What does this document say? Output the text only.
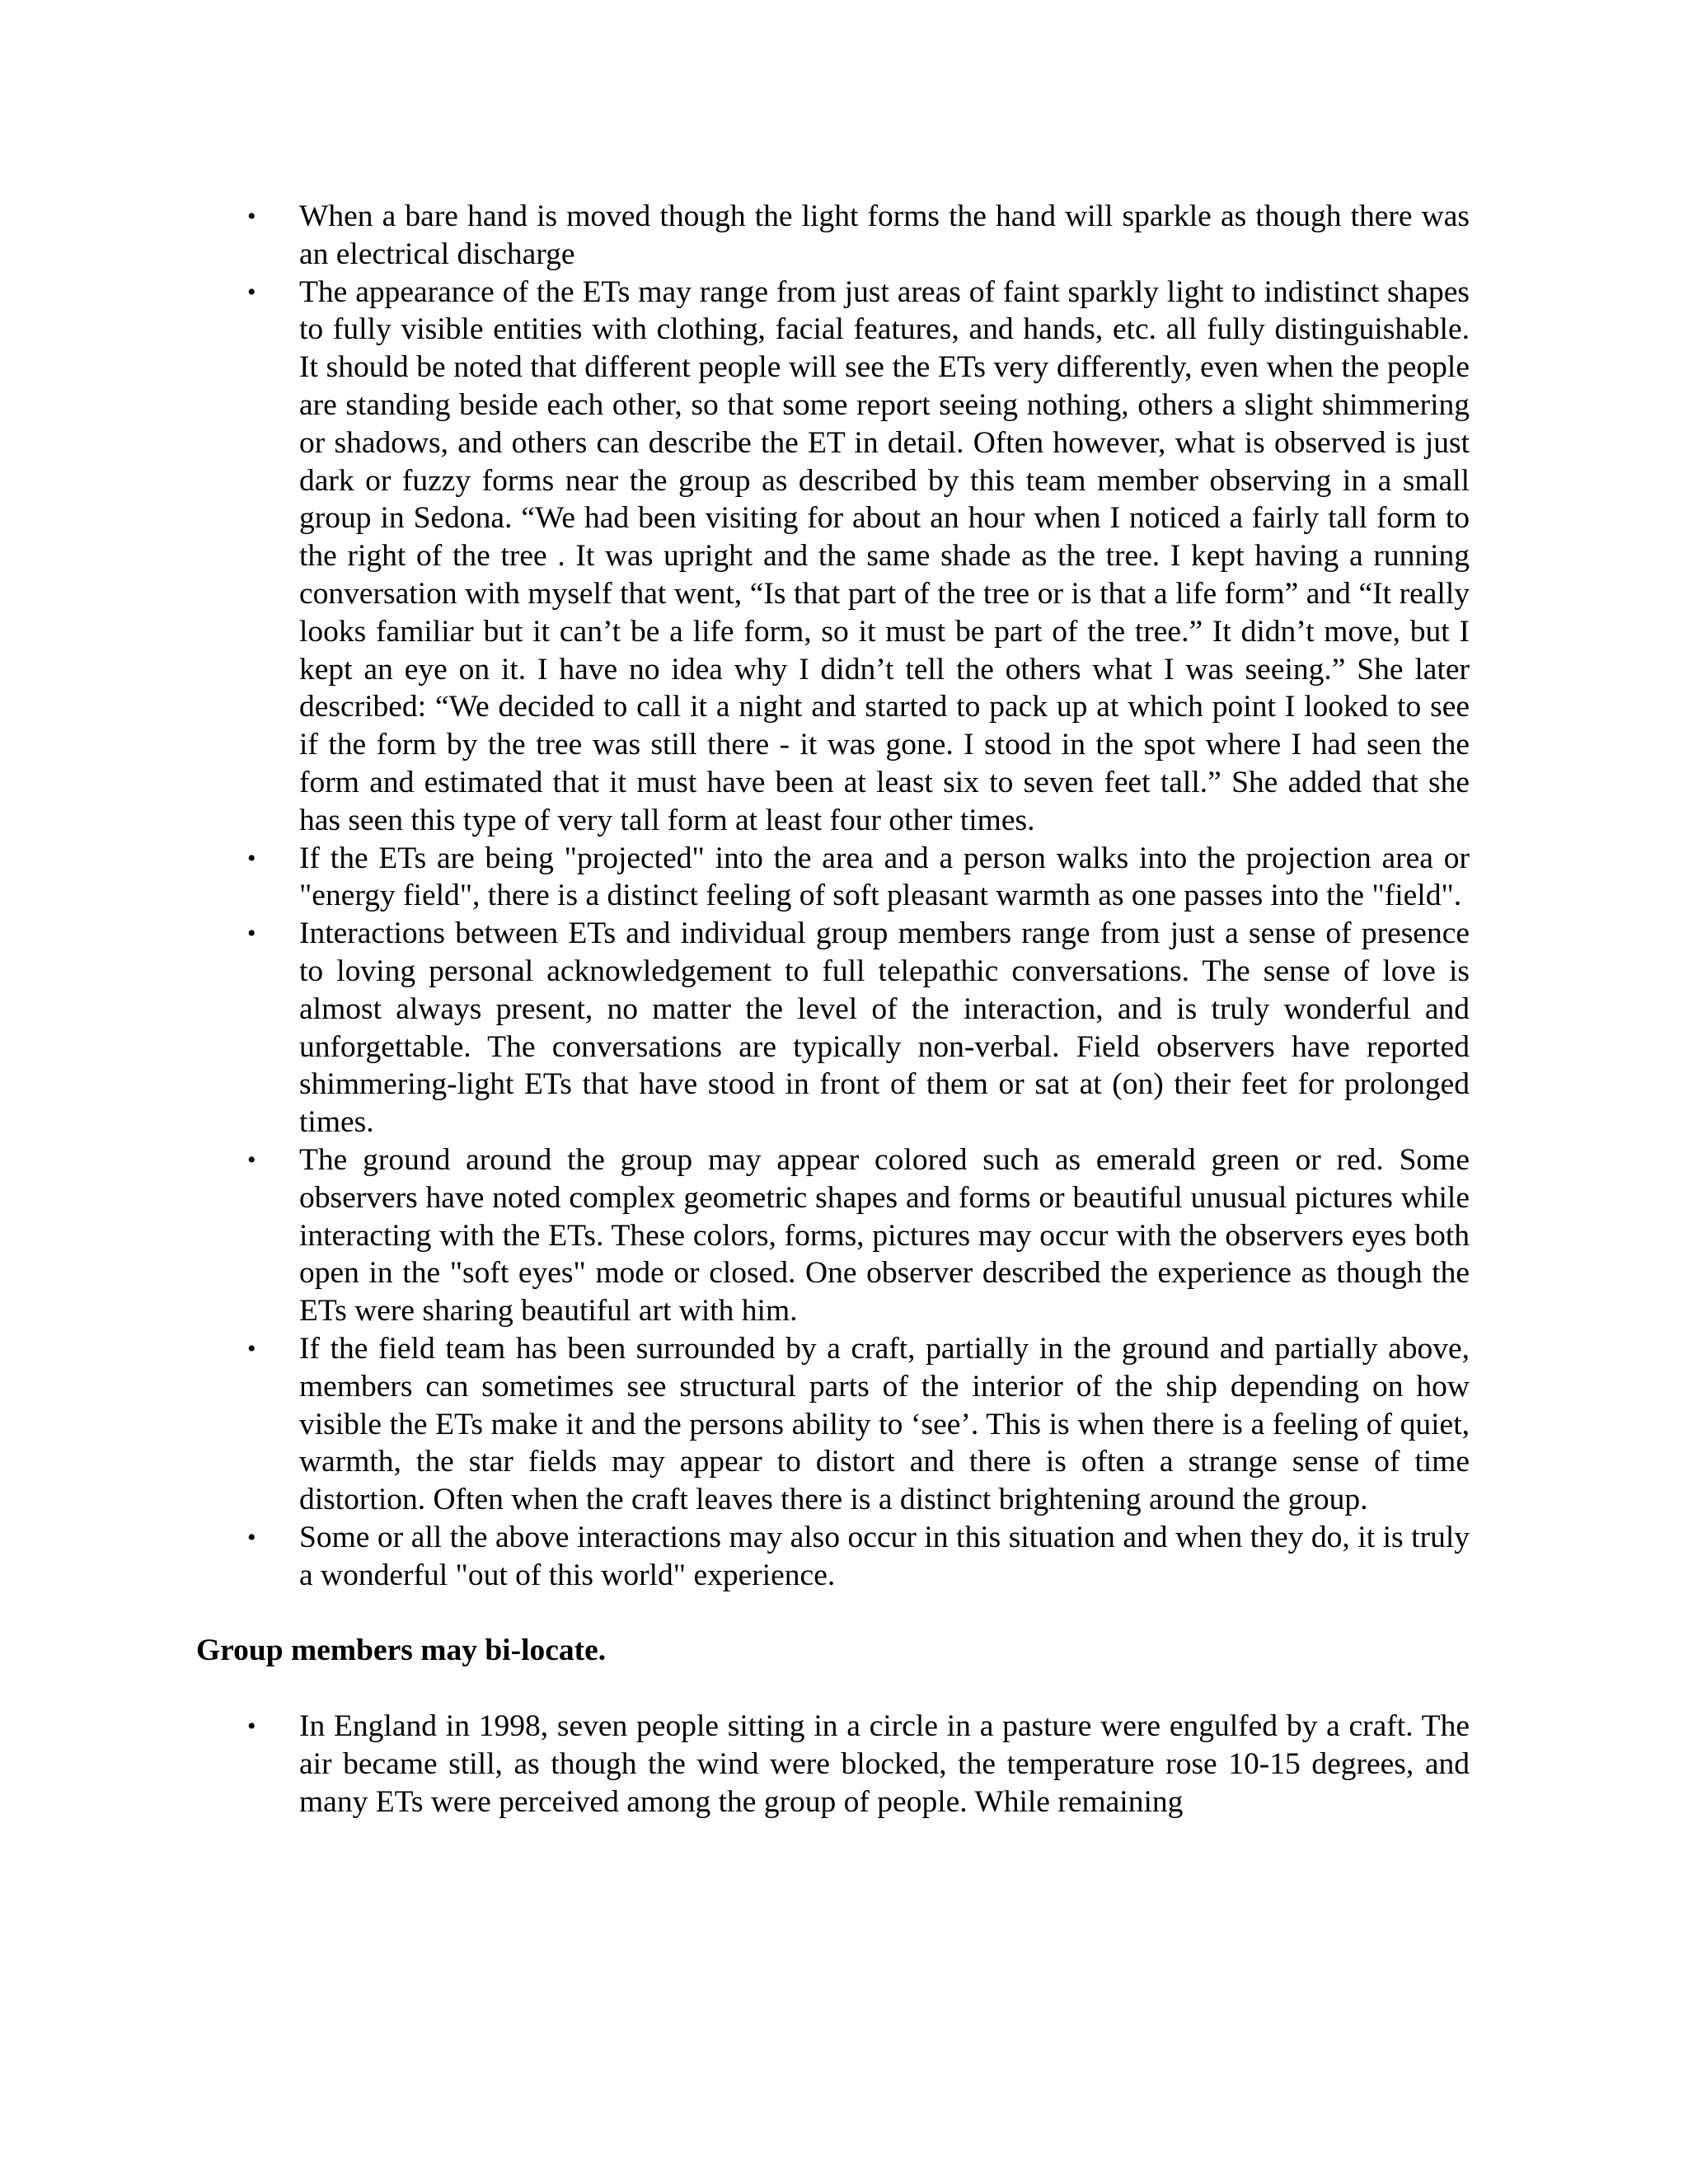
•	When a bare hand is moved though the light forms the hand will sparkle as though there was an electrical discharge
•	The appearance of the ETs may range from just areas of faint sparkly light to indistinct shapes to fully visible entities with clothing, facial features, and hands, etc. all fully distinguishable. It should be noted that different people will see the ETs very differently, even when the people are standing beside each other, so that some report seeing nothing, others a slight shimmering or shadows, and others can describe the ET in detail. Often however, what is observed is just dark or fuzzy forms near the group as described by this team member observing in a small group in Sedona. “We had been visiting for about an hour when I noticed a fairly tall form to the right of the tree . It was upright and the same shade as the tree. I kept having a running conversation with myself that went, “Is that part of the tree or is that a life form” and “It really looks familiar but it can’t be a life form, so it must be part of the tree.” It didn’t move, but I kept an eye on it. I have no idea why I didn’t tell the others what I was seeing.” She later described: “We decided to call it a night and started to pack up at which point I looked to see if the form by the tree was still there - it was gone. I stood in the spot where I had seen the form and estimated that it must have been at least six to seven feet tall.” She added that she has seen this type of very tall form at least four other times.
•	If the ETs are being "projected" into the area and a person walks into the projection area or "energy field", there is a distinct feeling of soft pleasant warmth as one passes into the "field".
•	Interactions between ETs and individual group members range from just a sense of presence to loving personal acknowledgement to full telepathic conversations. The sense of love is almost always present, no matter the level of the interaction, and is truly wonderful and unforgettable. The conversations are typically non-verbal. Field observers have reported shimmering-light ETs that have stood in front of them or sat at (on) their feet for prolonged times.
•	The ground around the group may appear colored such as emerald green or red. Some observers have noted complex geometric shapes and forms or beautiful unusual pictures while interacting with the ETs. These colors, forms, pictures may occur with the observers eyes both open in the "soft eyes" mode or closed. One observer described the experience as though the ETs were sharing beautiful art with him.
•	If the field team has been surrounded by a craft, partially in the ground and partially above, members can sometimes see structural parts of the interior of the ship depending on how visible the ETs make it and the persons ability to ‘see’. This is when there is a feeling of quiet, warmth, the star fields may appear to distort and there is often a strange sense of time distortion. Often when the craft leaves there is a distinct brightening around the group.
•	Some or all the above interactions may also occur in this situation and when they do, it is truly a wonderful "out of this world" experience.
Group members may bi-locate.
•	In England in 1998, seven people sitting in a circle in a pasture were engulfed by a craft. The air became still, as though the wind were blocked, the temperature rose 10-15 degrees, and many ETs were perceived among the group of people. While remaining
